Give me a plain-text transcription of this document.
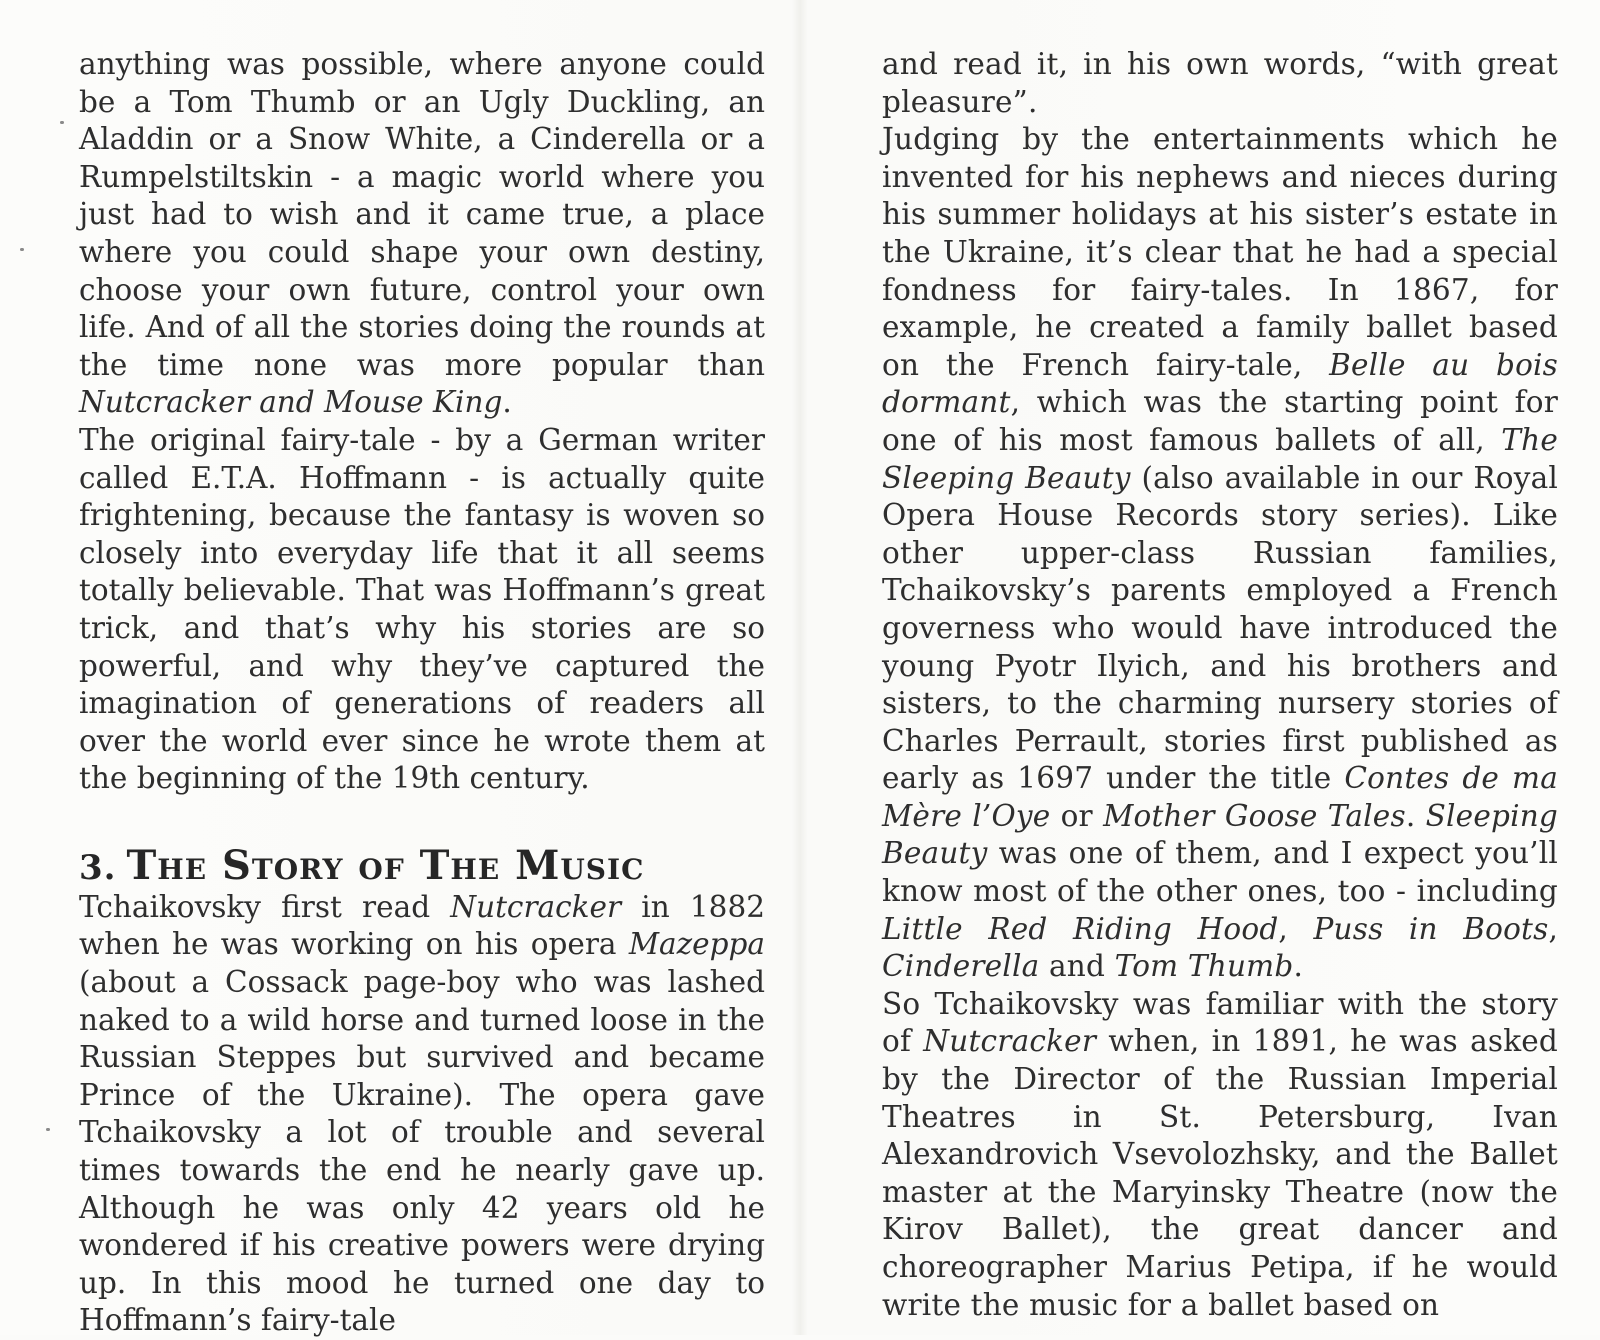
anything was possible, where anyone could be a Tom Thumb or an Ugly Duckling, an Aladdin or a Snow White, a Cinderella or a Rumpelstiltskin - a magic world where you just had to wish and it came true, a place where you could shape your own destiny, choose your own future, control your own life. And of all the stories doing the rounds at the time none was more popular than Nutcracker and Mouse King.

The original fairy-tale - by a German writer called E.T.A. Hoffmann - is actually quite frightening, because the fantasy is woven so closely into everyday life that it all seems totally believable. That was Hoffmann’s great trick, and that’s why his stories are so powerful, and why they’ve captured the imagination of generations of readers all over the world ever since he wrote them at the beginning of the 19th century.

3. The Story of The Music

Tchaikovsky first read Nutcracker in 1882 when he was working on his opera Mazeppa (about a Cossack page-boy who was lashed naked to a wild horse and turned loose in the Russian Steppes but survived and became Prince of the Ukraine). The opera gave Tchaikovsky a lot of trouble and several times towards the end he nearly gave up. Although he was only 42 years old he wondered if his creative powers were drying up. In this mood he turned one day to Hoffmann’s fairy-tale

and read it, in his own words, “with great pleasure”.

Judging by the entertainments which he invented for his nephews and nieces during his summer holidays at his sister’s estate in the Ukraine, it’s clear that he had a special fondness for fairy-tales. In 1867, for example, he created a family ballet based on the French fairy-tale, Belle au bois dormant, which was the starting point for one of his most famous ballets of all, The Sleeping Beauty (also available in our Royal Opera House Records story series). Like other upper-class Russian families, Tchaikovsky’s parents employed a French governess who would have introduced the young Pyotr Ilyich, and his brothers and sisters, to the charming nursery stories of Charles Perrault, stories first published as early as 1697 under the title Contes de ma Mère l’Oye or Mother Goose Tales. Sleeping Beauty was one of them, and I expect you’ll know most of the other ones, too - including Little Red Riding Hood, Puss in Boots, Cinderella and Tom Thumb.

So Tchaikovsky was familiar with the story of Nutcracker when, in 1891, he was asked by the Director of the Russian Imperial Theatres in St. Petersburg, Ivan Alexandrovich Vsevolozhsky, and the Ballet master at the Maryinsky Theatre (now the Kirov Ballet), the great dancer and choreographer Marius Petipa, if he would write the music for a ballet based on
